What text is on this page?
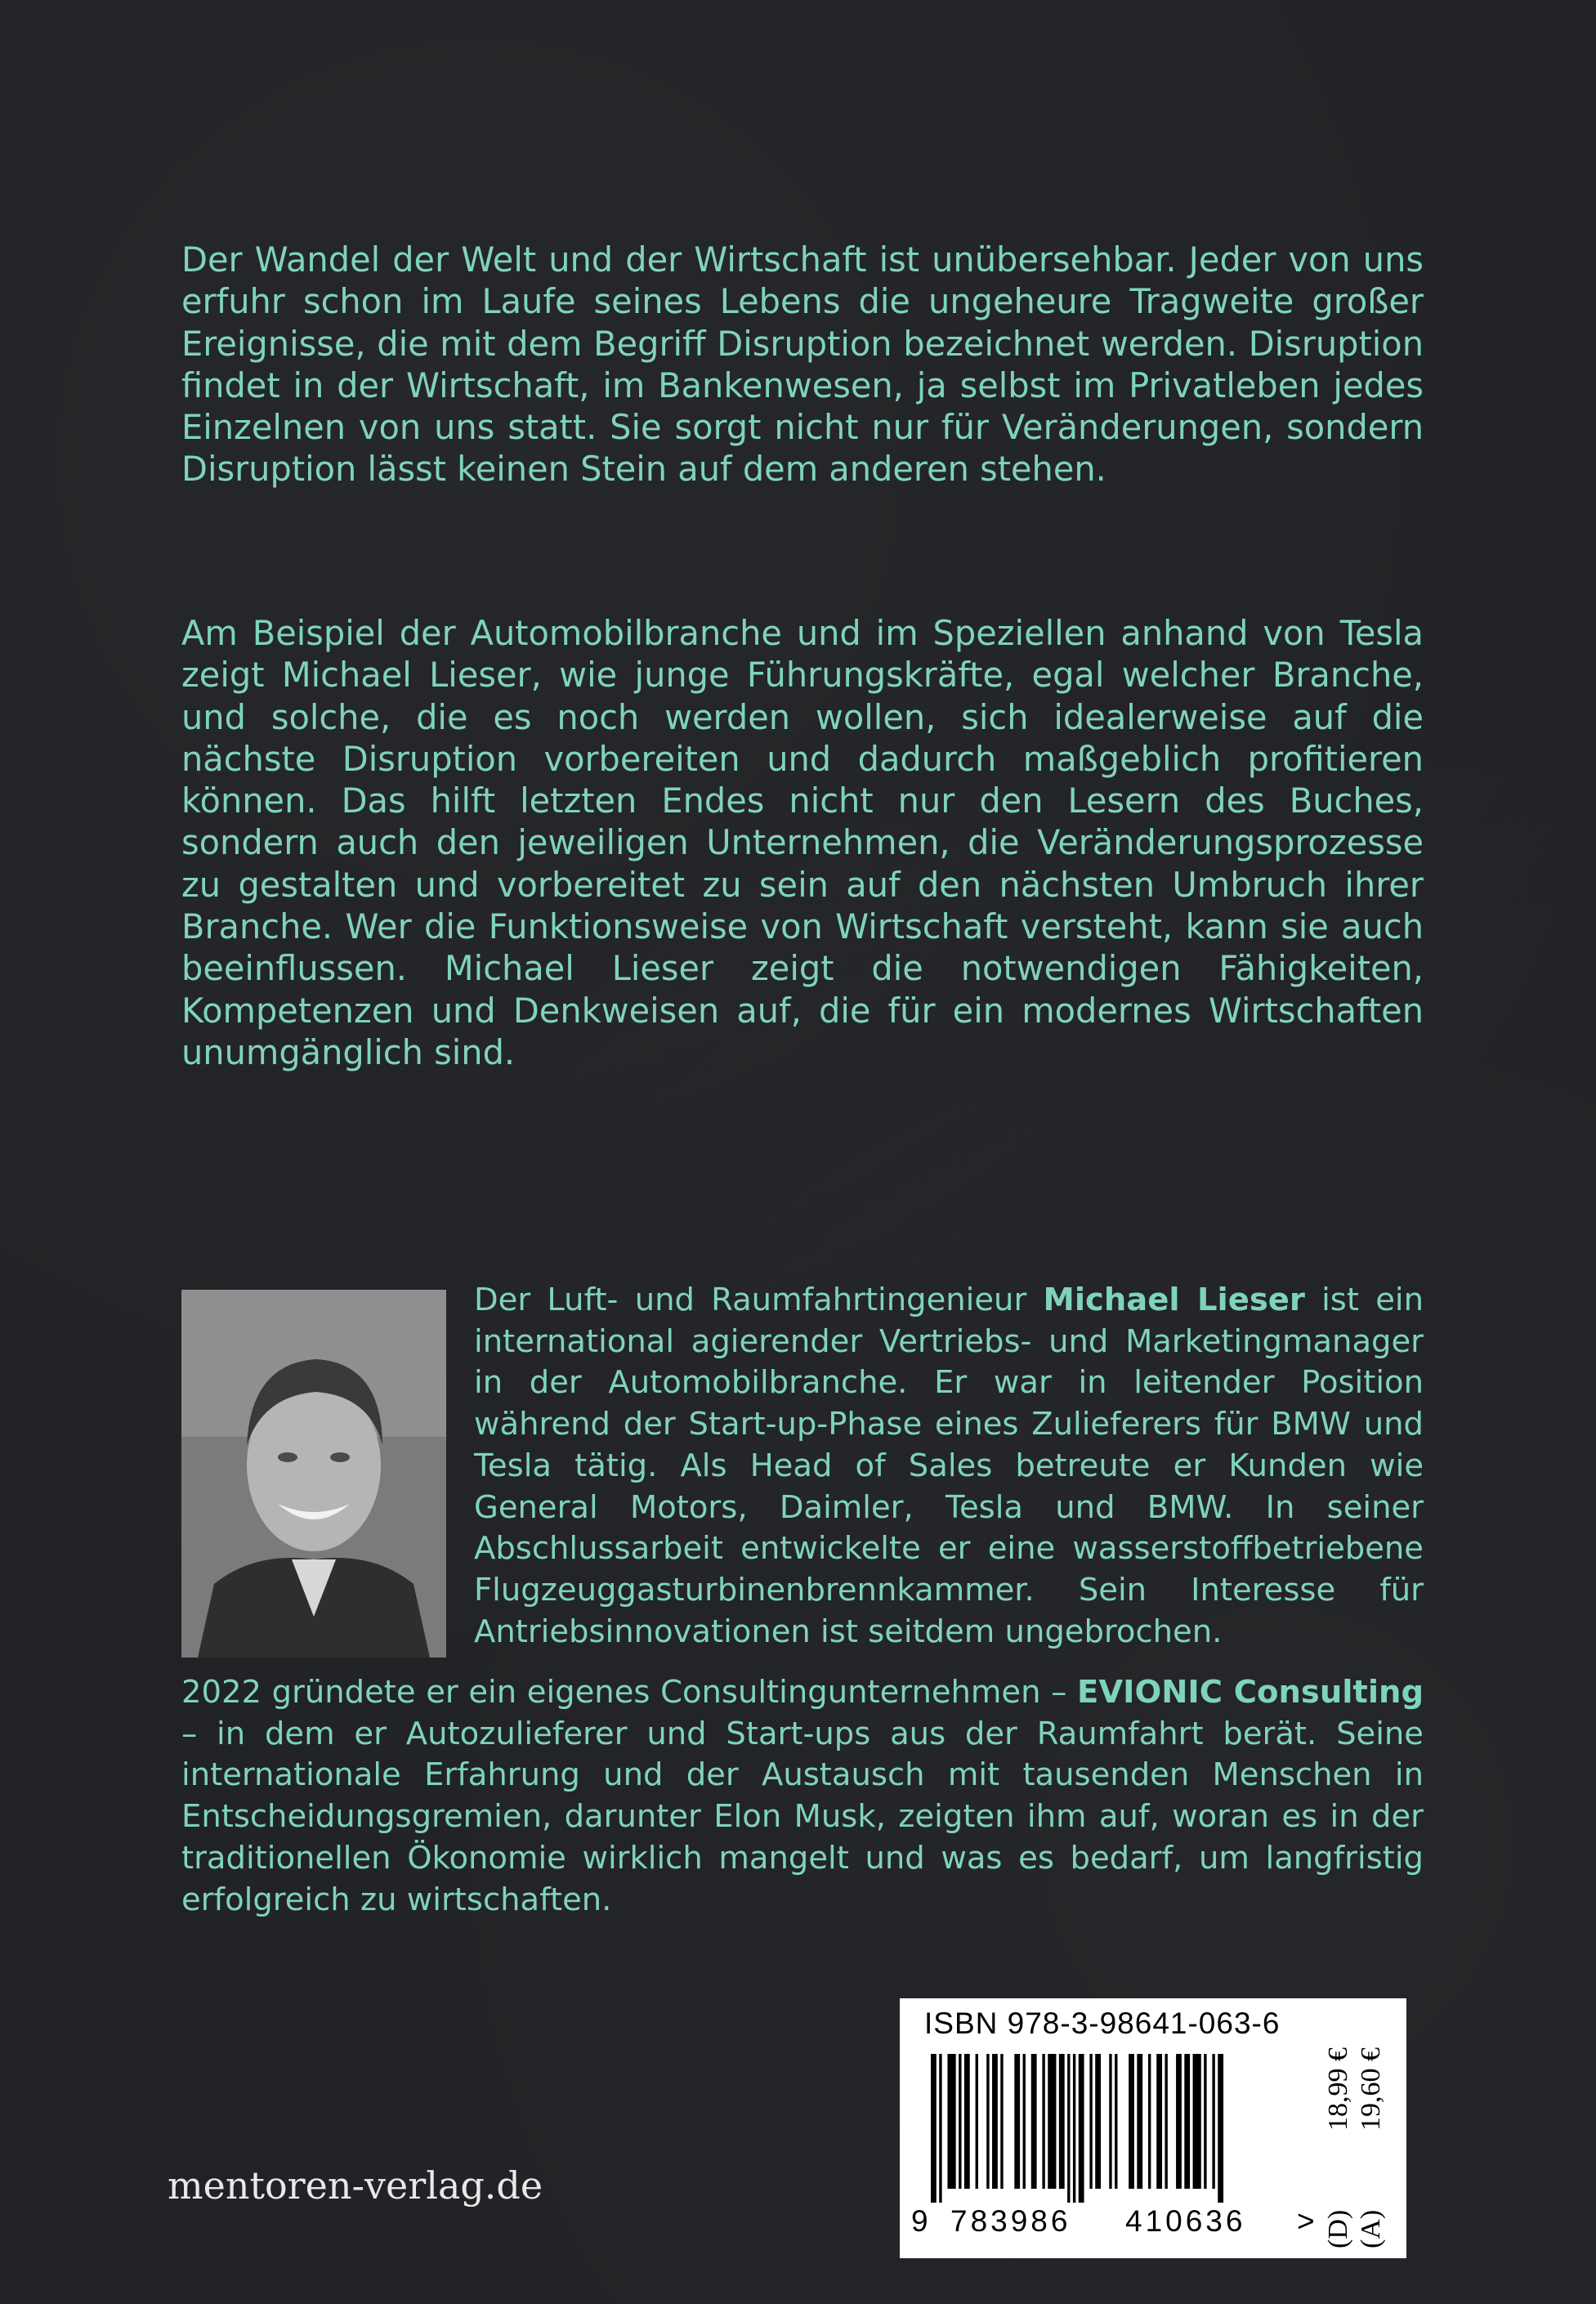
Der Wandel der Welt und der Wirtschaft ist unübersehbar. Jeder von uns erfuhr schon im Laufe seines Lebens die ungeheure Tragweite großer Ereignisse, die mit dem Begriff Disruption bezeichnet werden. Disruption findet in der Wirtschaft, im Bankenwesen, ja selbst im Privatleben jedes Einzelnen von uns statt. Sie sorgt nicht nur für Veränderungen, sondern Disruption lässt keinen Stein auf dem anderen stehen.

Am Beispiel der Automobilbranche und im Speziellen anhand von Tesla zeigt Michael Lieser, wie junge Führungskräfte, egal welcher Branche, und solche, die es noch werden wollen, sich idealerweise auf die nächste Disruption vorbereiten und dadurch maßgeblich profitieren können. Das hilft letzten Endes nicht nur den Lesern des Buches, sondern auch den jeweiligen Unternehmen, die Veränderungsprozesse zu gestalten und vorbereitet zu sein auf den nächsten Umbruch ihrer Branche. Wer die Funktionsweise von Wirtschaft versteht, kann sie auch beeinflussen. Michael Lieser zeigt die notwendigen Fähigkeiten, Kompetenzen und Denkweisen auf, die für ein modernes Wirtschaften unumgänglich sind.

Der Luft- und Raumfahrtingenieur Michael Lieser ist ein international agierender Vertriebs- und Marketingmanager in der Automobilbranche. Er war in leitender Position während der Start-up-Phase eines Zulieferers für BMW und Tesla tätig. Als Head of Sales betreute er Kunden wie General Motors, Daimler, Tesla und BMW. In seiner Abschlussarbeit entwickelte er eine wasserstoffbetriebene Flugzeuggasturbinenbrennkammer. Sein Interesse für Antriebsinnovationen ist seitdem ungebrochen.
2022 gründete er ein eigenes Consultingunternehmen – EVIONIC Consulting – in dem er Autozulieferer und Start-ups aus der Raumfahrt berät. Seine internationale Erfahrung und der Austausch mit tausenden Menschen in Entscheidungsgremien, darunter Elon Musk, zeigten ihm auf, woran es in der traditionellen Ökonomie wirklich mangelt und was es bedarf, um langfristig erfolgreich zu wirtschaften.

mentoren-verlag.de

ISBN 978-3-98641-063-6
9 783986 410636 >
18,99 € 19,60 €
(D) (A)
